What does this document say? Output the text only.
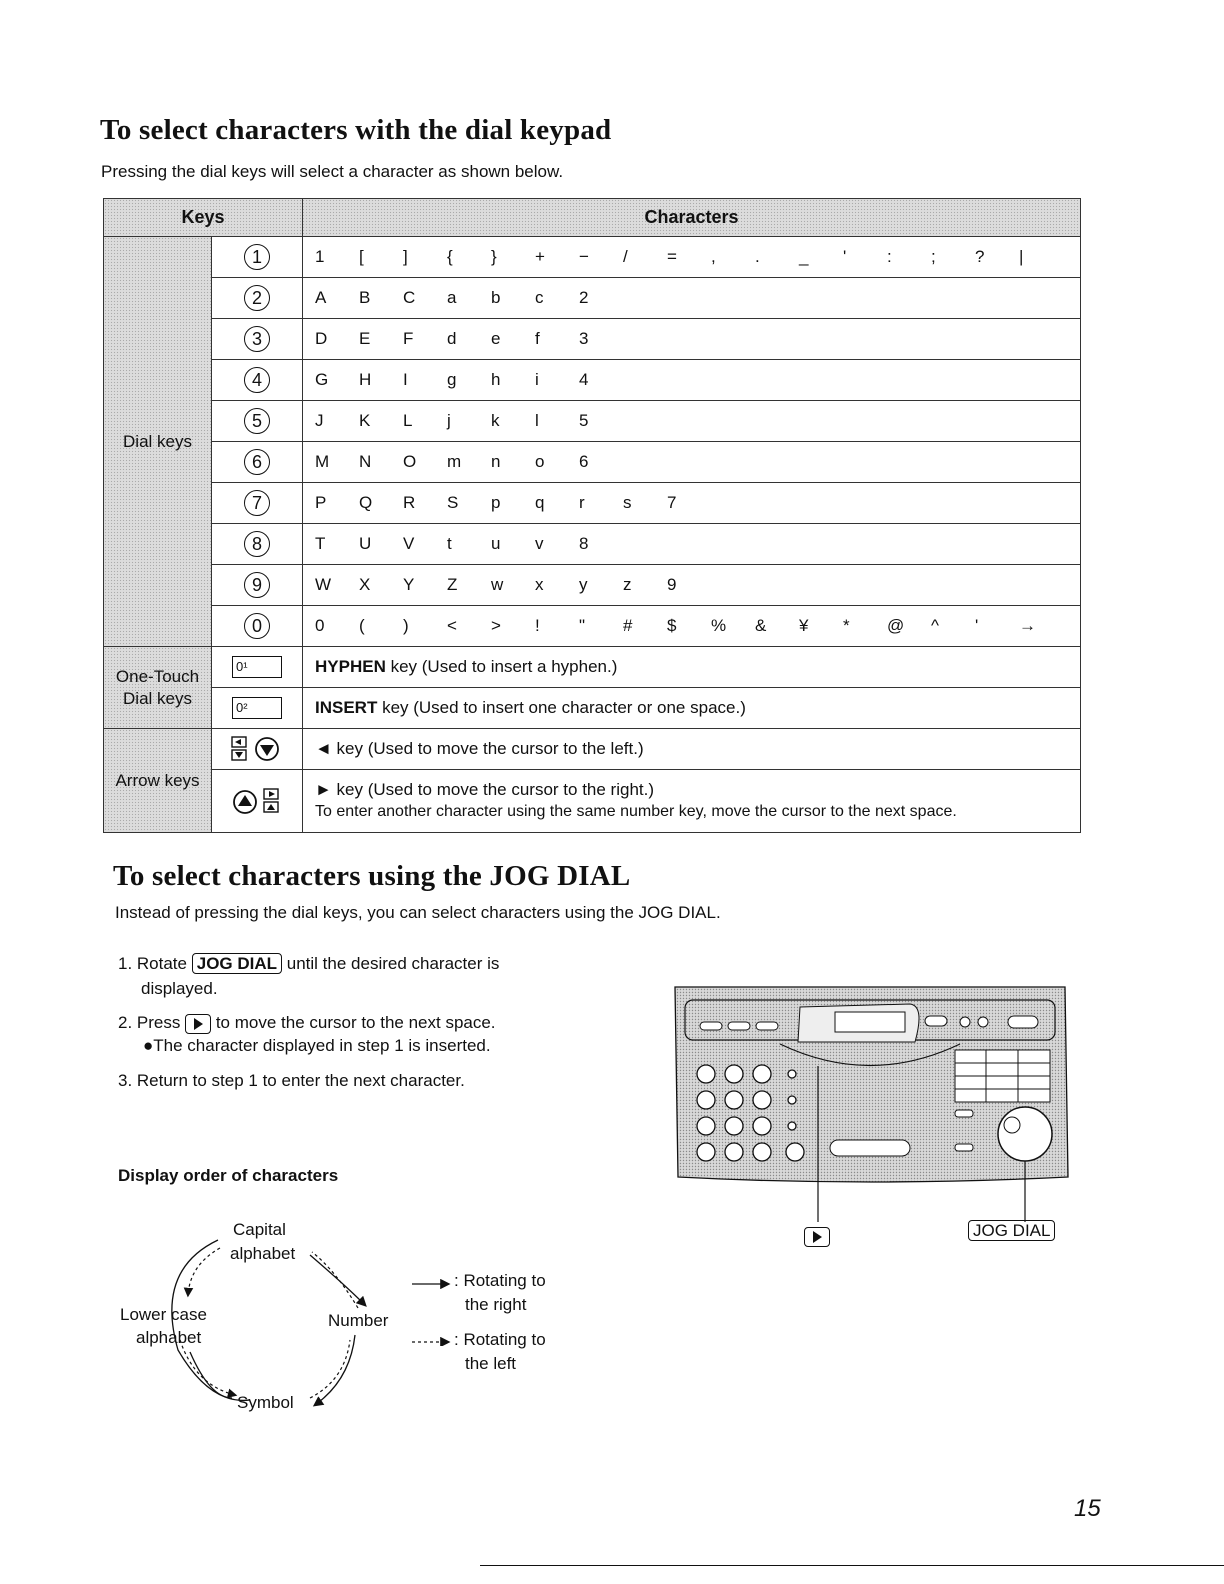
To select characters with the dial keypad
Pressing the dial keys will select a character as shown below.
Keys	Characters
Dial keys
1	1	[	]	{	}	+	−	/	=	,	.	_	'	:	;	?	|
2	A	B	C	a	b	c	2
3	D	E	F	d	e	f	3
4	G	H	I	g	h	i	4
5	J	K	L	j	k	l	5
6	M	N	O	m	n	o	6
7	P	Q	R	S	p	q	r	s	7
8	T	U	V	t	u	v	8
9	W	X	Y	Z	w	x	y	z	9
0	0	(	)	<	>	!	"	#	$	%	&	¥	*	@	^	'	→
One-Touch Dial keys
0¹	HYPHEN key (Used to insert a hyphen.)
0²	INSERT key (Used to insert one character or one space.)
Arrow keys
◄ key (Used to move the cursor to the left.)
► key (Used to move the cursor to the right.)
To enter another character using the same number key, move the cursor to the next space.
To select characters using the JOG DIAL
Instead of pressing the dial keys, you can select characters using the JOG DIAL.
1. Rotate JOG DIAL until the desired character is
displayed.
2. Press to move the cursor to the next space.
●The character displayed in step 1 is inserted.
3. Return to step 1 to enter the next character.
Display order of characters
Capital
alphabet
Number
Symbol
Lower case
alphabet
: Rotating to
the right
: Rotating to
the left
JOG DIAL
15
